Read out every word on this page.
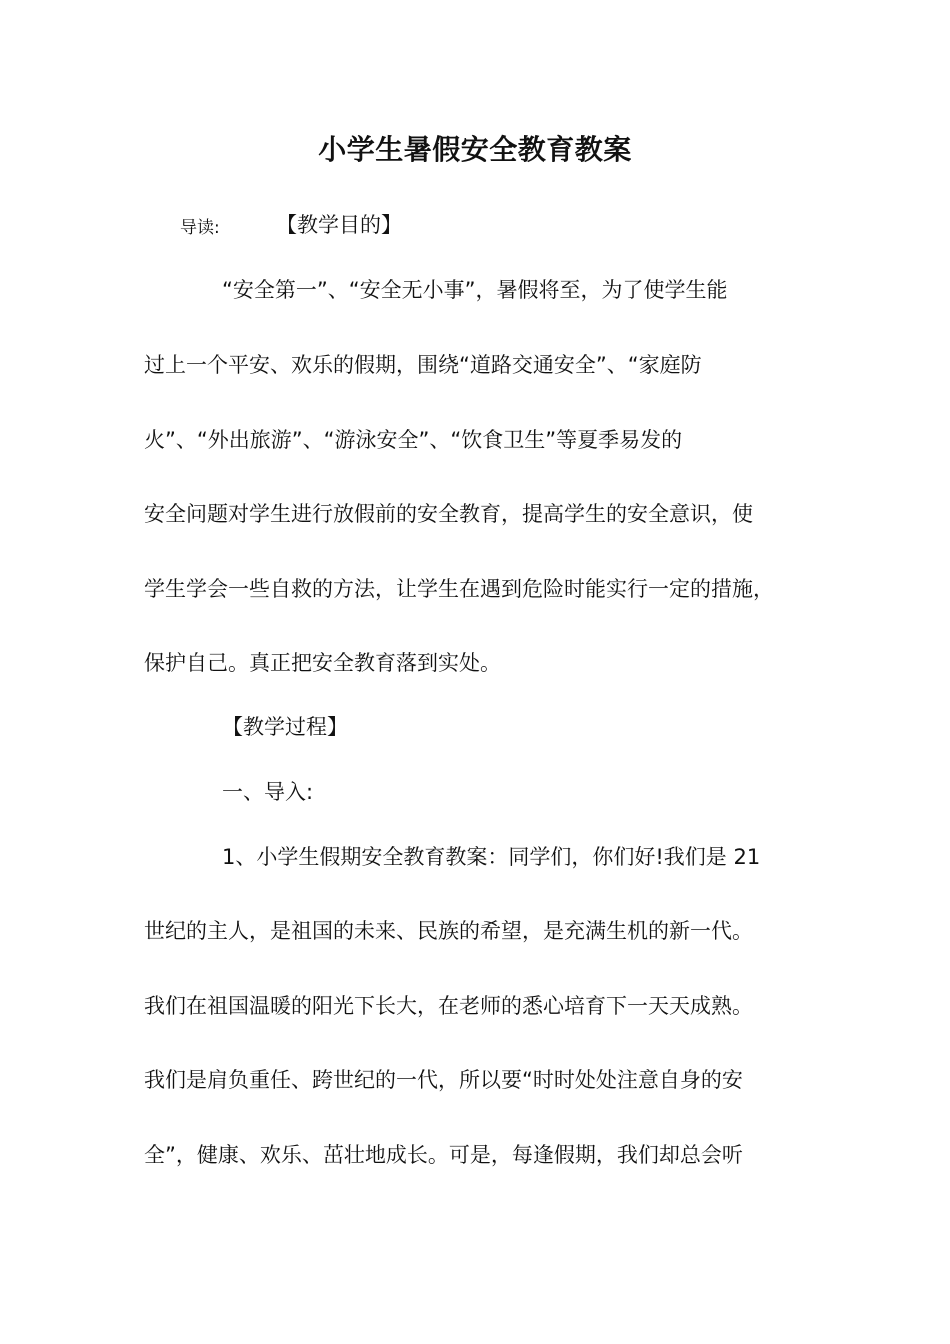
小学生暑假安全教育教案
导读:	【教学目的】
“安全第一”、“安全无小事”，暑假将至，为了使学生能
过上一个平安、欢乐的假期，围绕“道路交通安全”、“家庭防
火”、“外出旅游”、“游泳安全”、“饮食卫生”等夏季易发的
安全问题对学生进行放假前的安全教育，提高学生的安全意识，使
学生学会一些自救的方法，让学生在遇到危险时能实行一定的措施，
保护自己。真正把安全教育落到实处。
【教学过程】
一、导入:
1、小学生假期安全教育教案：同学们，你们好!我们是 21
世纪的主人，是祖国的未来、民族的希望，是充满生机的新一代。
我们在祖国温暖的阳光下长大，在老师的悉心培育下一天天成熟。
我们是肩负重任、跨世纪的一代，所以要“时时处处注意自身的安
全”，健康、欢乐、茁壮地成长。可是，每逢假期，我们却总会听
